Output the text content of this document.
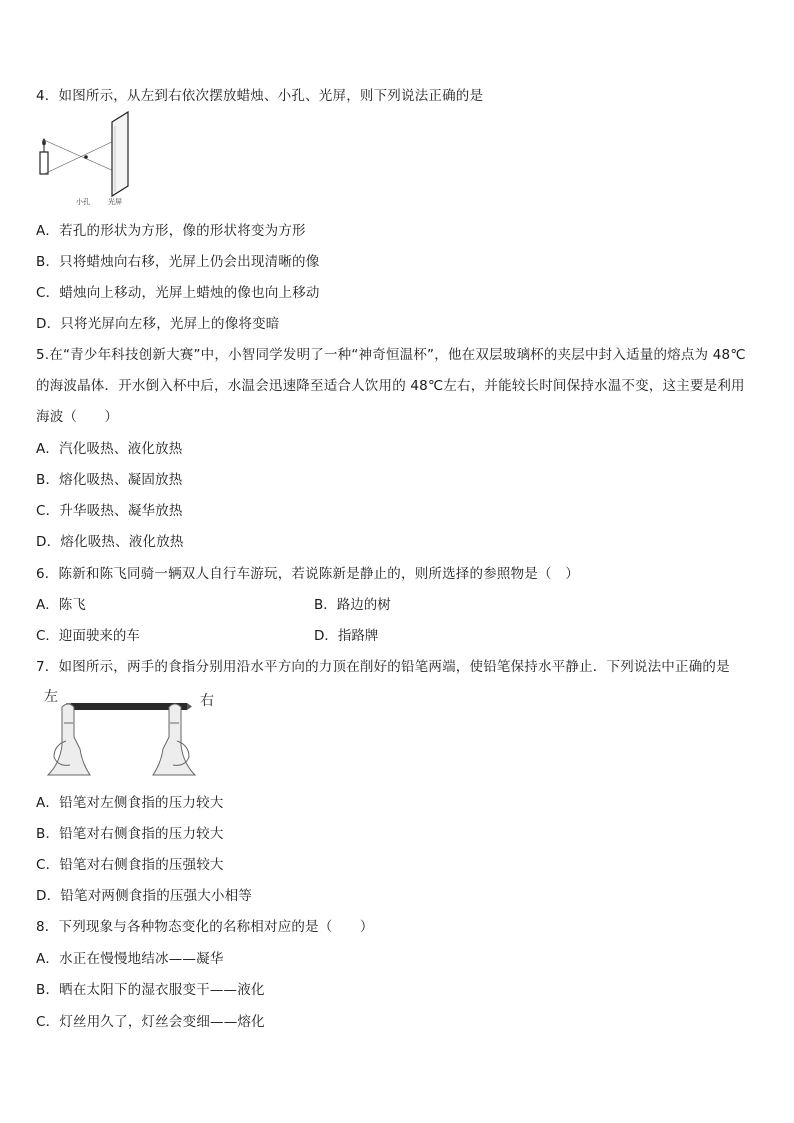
4．如图所示，从左到右依次摆放蜡烛、小孔、光屏，则下列说法正确的是
小孔	光屏
A．若孔的形状为方形，像的形状将变为方形
B．只将蜡烛向右移，光屏上仍会出现清晰的像
C．蜡烛向上移动，光屏上蜡烛的像也向上移动
D．只将光屏向左移，光屏上的像将变暗
5.在“青少年科技创新大赛”中，小智同学发明了一种“神奇恒温杯”，他在双层玻璃杯的夹层中封入适量的熔点为 48℃
的海波晶体．开水倒入杯中后，水温会迅速降至适合人饮用的 48℃左右，并能较长时间保持水温不变，这主要是利用
海波（　　）
A．汽化吸热、液化放热
B．熔化吸热、凝固放热
C．升华吸热、凝华放热
D．熔化吸热、液化放热
6．陈新和陈飞同骑一辆双人自行车游玩，若说陈新是静止的，则所选择的参照物是（　）
A．陈飞	B．路边的树
C．迎面驶来的车	D．指路牌
7．如图所示，两手的食指分别用沿水平方向的力顶在削好的铅笔两端，使铅笔保持水平静止．下列说法中正确的是
左	右
A．铅笔对左侧食指的压力较大
B．铅笔对右侧食指的压力较大
C．铅笔对右侧食指的压强较大
D．铅笔对两侧食指的压强大小相等
8．下列现象与各种物态变化的名称相对应的是（　　）
A．水正在慢慢地结冰——凝华
B．晒在太阳下的湿衣服变干——液化
C．灯丝用久了，灯丝会变细——熔化
